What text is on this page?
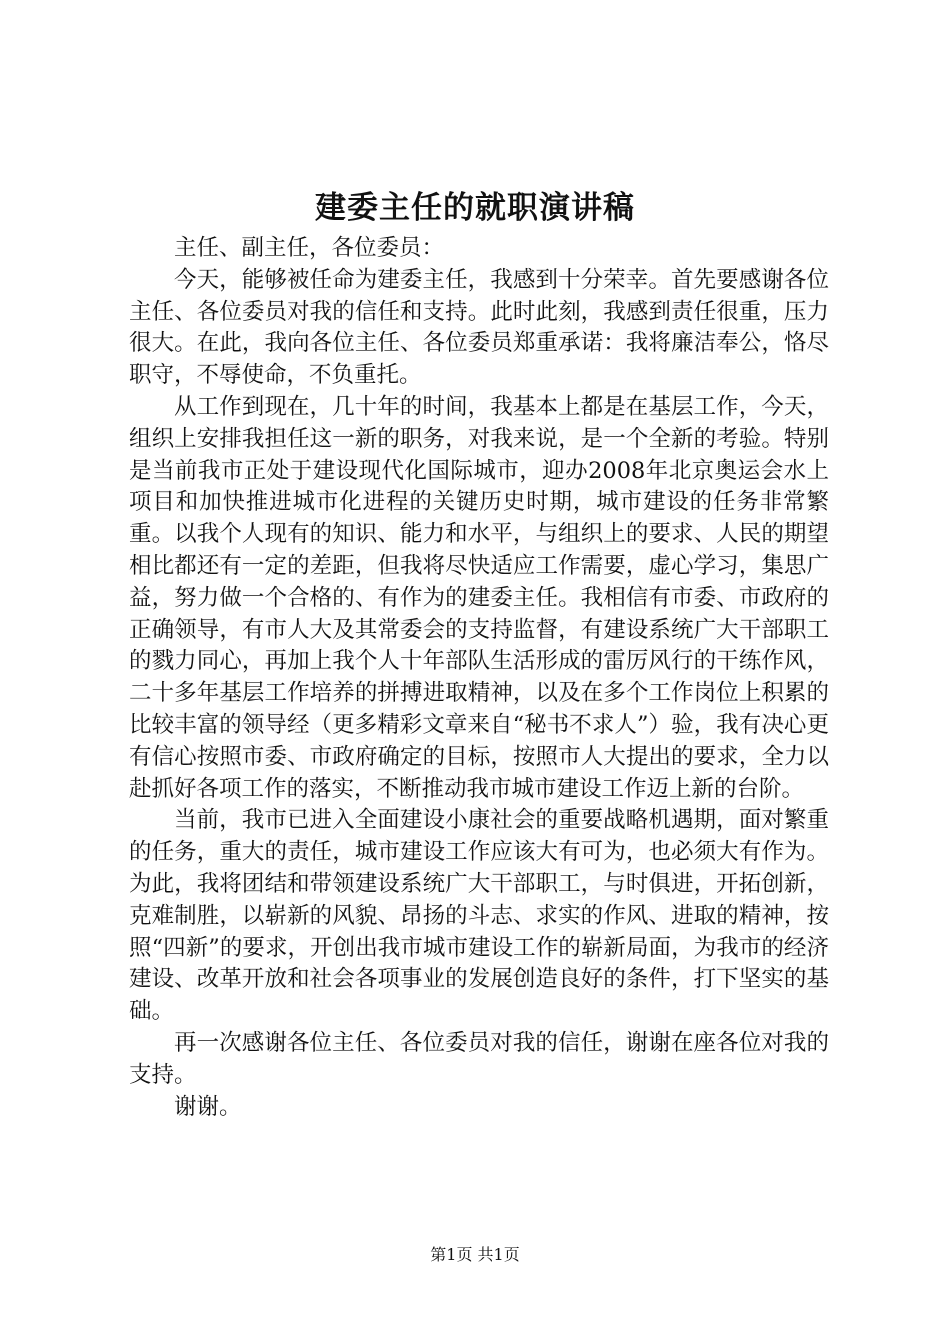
建委主任的就职演讲稿

主任、副主任，各位委员：

今天，能够被任命为建委主任，我感到十分荣幸。首先要感谢各位主任、各位委员对我的信任和支持。此时此刻，我感到责任很重，压力很大。在此，我向各位主任、各位委员郑重承诺：我将廉洁奉公，恪尽职守，不辱使命，不负重托。

从工作到现在，几十年的时间，我基本上都是在基层工作，今天，组织上安排我担任这一新的职务，对我来说，是一个全新的考验。特别是当前我市正处于建设现代化国际城市，迎办2008年北京奥运会水上项目和加快推进城市化进程的关键历史时期，城市建设的任务非常繁重。以我个人现有的知识、能力和水平，与组织上的要求、人民的期望相比都还有一定的差距，但我将尽快适应工作需要，虚心学习，集思广益，努力做一个合格的、有作为的建委主任。我相信有市委、市政府的正确领导，有市人大及其常委会的支持监督，有建设系统广大干部职工的戮力同心，再加上我个人十年部队生活形成的雷厉风行的干练作风，二十多年基层工作培养的拼搏进取精神，以及在多个工作岗位上积累的比较丰富的领导经（更多精彩文章来自“秘书不求人”）验，我有决心更有信心按照市委、市政府确定的目标，按照市人大提出的要求，全力以赴抓好各项工作的落实，不断推动我市城市建设工作迈上新的台阶。

当前，我市已进入全面建设小康社会的重要战略机遇期，面对繁重的任务，重大的责任，城市建设工作应该大有可为，也必须大有作为。为此，我将团结和带领建设系统广大干部职工，与时俱进，开拓创新，克难制胜，以崭新的风貌、昂扬的斗志、求实的作风、进取的精神，按照“四新”的要求，开创出我市城市建设工作的崭新局面，为我市的经济建设、改革开放和社会各项事业的发展创造良好的条件，打下坚实的基础。

再一次感谢各位主任、各位委员对我的信任，谢谢在座各位对我的支持。

谢谢。

第1页 共1页
